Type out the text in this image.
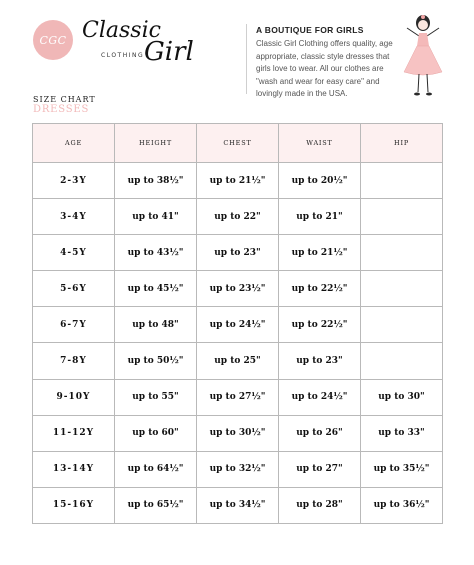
CGC Classic
CLOTHING Girl
A BOUTIQUE FOR GIRLS

Classic Girl Clothing offers quality, age appropriate, classic style dresses that girls love to wear. All our clothes are "wash and wear for easy care" and lovingly made in the USA.

SIZE CHART
DRESSES
AGE	HEIGHT	CHEST	WAIST	HIP
2-3Y	up to 38½"	up to 21½"	up to 20½"	
3-4Y	up to 41"	up to 22"	up to 21"	
4-5Y	up to 43½"	up to 23"	up to 21½"	
5-6Y	up to 45½"	up to 23½"	up to 22½"	
6-7Y	up to 48"	up to 24½"	up to 22½"	
7-8Y	up to 50½"	up to 25"	up to 23"	
9-10Y	up to 55"	up to 27½"	up to 24½"	up to 30"
11-12Y	up to 60"	up to 30½"	up to 26"	up to 33"
13-14Y	up to 64½"	up to 32½"	up to 27"	up to 35½"
15-16Y	up to 65½"	up to 34½"	up to 28"	up to 36½"
